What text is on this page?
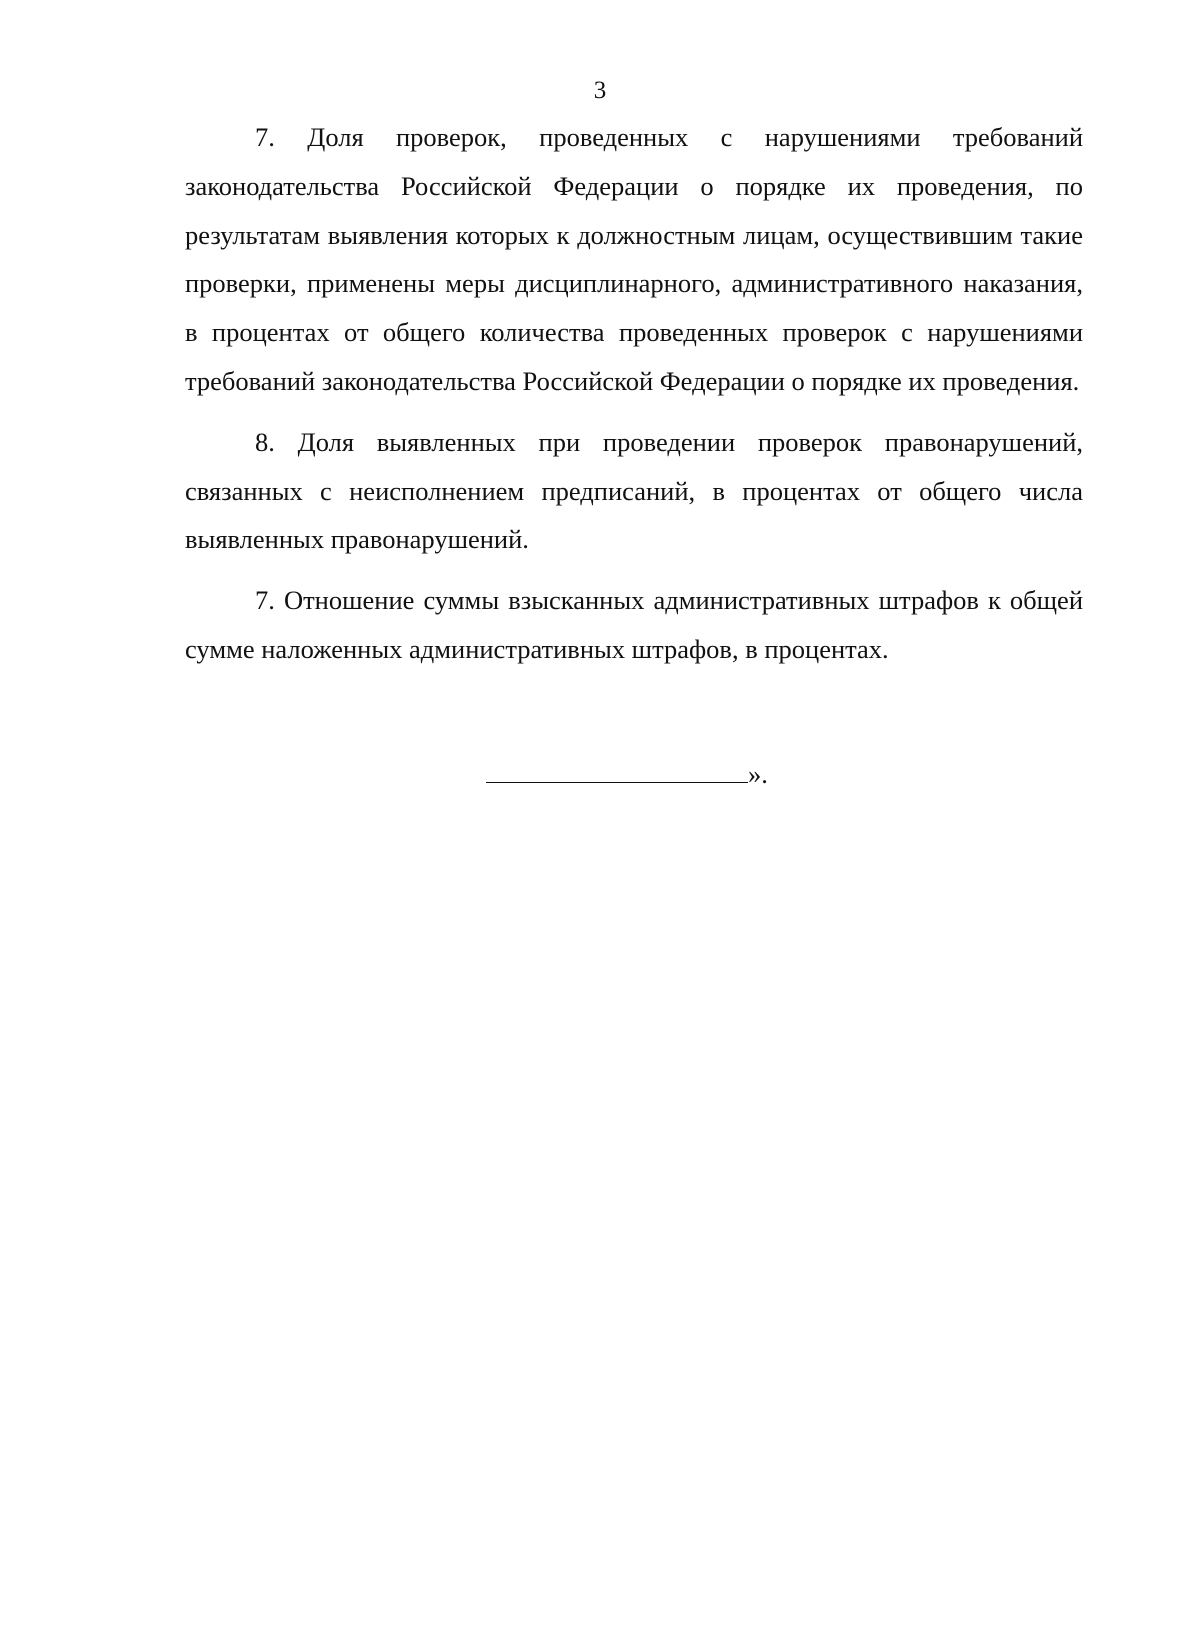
3

7. Доля проверок, проведенных с нарушениями требований законодательства Российской Федерации о порядке их проведения, по результатам выявления которых к должностным лицам, осуществившим такие проверки, применены меры дисциплинарного, административного наказания, в процентах от общего количества проведенных проверок с нарушениями требований законодательства Российской Федерации о порядке их проведения.

8. Доля выявленных при проведении проверок правонарушений, связанных с неисполнением предписаний, в процентах от общего числа выявленных правонарушений.

7. Отношение суммы взысканных административных штрафов к общей сумме наложенных административных штрафов, в процентах.

».
